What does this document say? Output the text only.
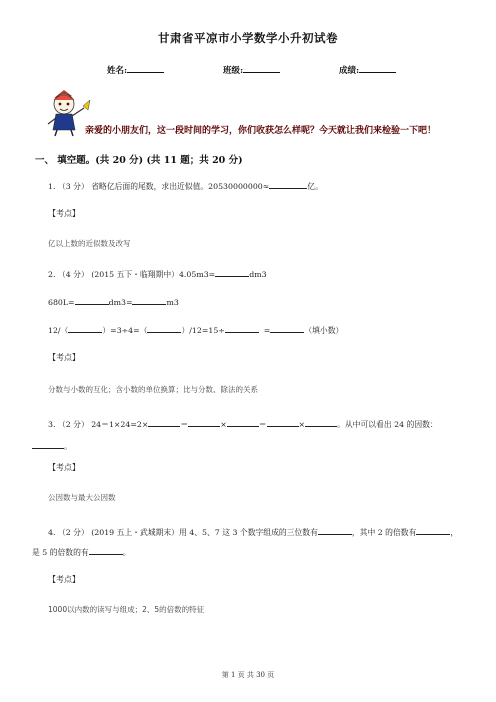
甘肃省平凉市小学数学小升初试卷
姓名:	班级:	成绩:
亲爱的小朋友们，这一段时间的学习，你们收获怎么样呢？今天就让我们来检验一下吧！
一、 填空题。(共 20 分) (共 11 题；共 20 分)
1. （3 分） 省略亿后面的尾数，求出近似值。20530000000≈	亿。
【考点】
亿以上数的近似数及改写
2. （4 分） (2015 五下・临翔期中）4.05m3=	dm3
680L=	dm3=	m3
12/（	）=3÷4=（	）/12=15÷	=	（填小数）
【考点】
分数与小数的互化；含小数的单位换算；比与分数、除法的关系
3. （2 分） 24＝1×24=2×	＝	×	＝	×	。从中可以看出 24 的因数：
。
【考点】
公因数与最大公因数
4. （2 分） (2019 五上・武城期末）用 4、5、7 这 3 个数字组成的三位数有	，其中 2 的倍数有	，
是 5 的倍数的有	。
【考点】
1000以内数的读写与组成；2、5的倍数的特征
第 1 页 共 30 页
